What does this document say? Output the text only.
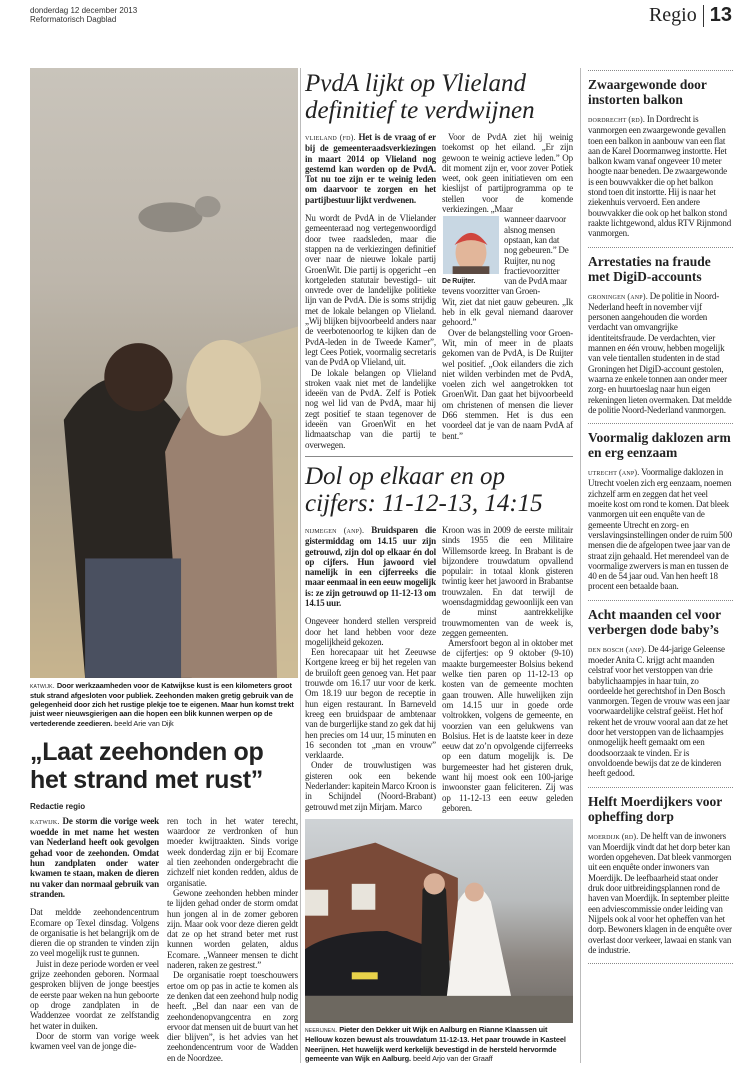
donderdag 12 december 2013
Reformatorisch Dagblad	Regio 13
katwijk. Door werkzaamheden voor de Katwijkse kust is een kilometers groot stuk strand afgesloten voor publiek. Zeehonden maken gretig gebruik van de gelegenheid door zich het rustige plekje toe te eigenen. Maar hun komst trekt juist weer nieuwsgierigen aan die hopen een blik kunnen werpen op de vertederende zeedieren. beeld Arie van Dijk
„Laat zeehonden op het strand met rust”
Redactie regio
katwijk. De storm die vorige week woedde in met name het westen van Nederland heeft ook gevolgen gehad voor de zeehonden. Omdat hun zandplaten onder water kwamen te staan, maken de dieren nu vaker dan normaal gebruik van stranden.

Dat meldde zeehondencentrum Ecomare op Texel dinsdag. Volgens de organisatie is het belangrijk om de dieren die op stranden te vinden zijn zo veel mogelijk rust te gunnen.

Juist in deze periode worden er veel grijze zeehonden geboren. Normaal gesproken blijven de jonge beestjes de eerste paar weken na hun geboorte op droge zandplaten in de Waddenzee voordat ze zelfstandig het water in duiken.

Door de storm van vorige week kwamen veel van de jonge die-

ren toch in het water terecht, waardoor ze verdronken of hun moeder kwijtraakten. Sinds vorige week donderdag zijn er bij Ecomare al tien zeehonden ondergebracht die zichzelf niet konden redden, aldus de organisatie.

Gewone zeehonden hebben minder te lijden gehad onder de storm omdat hun jongen al in de zomer geboren zijn. Maar ook voor deze dieren geldt dat ze op het strand beter met rust kunnen worden gelaten, aldus Ecomare. „Wanneer mensen te dicht naderen, raken ze gestrest.”

De organisatie roept toeschouwers ertoe om op pas in actie te komen als ze denken dat een zeehond hulp nodig heeft. „Bel dan naar een van de zeehondenopvangcentra en zorg ervoor dat mensen uit de buurt van het dier blijven”, is het advies van het zeehondencentrum voor de Wadden en de Noordzee.

PvdA lijkt op Vlieland definitief te verdwijnen
vlieland (fd). Het is de vraag of er bij de gemeenteraadsverkiezingen in maart 2014 op Vlieland nog gestemd kan worden op de PvdA. Tot nu toe zijn er te weinig leden om daarvoor te zorgen en het partijbestuur lijkt verdwenen.

Nu wordt de PvdA in de Vlielander gemeenteraad nog vertegenwoordigd door twee raadsleden, maar die stappen na de verkiezingen definitief over naar de nieuwe lokale partij GroenWit. Die partij is opgericht –en kortgeleden statutair bevestigd– uit onvrede over de landelijke politieke lijn van de PvdA. Die is soms strijdig met de lokale belangen op Vlieland. „Wij blijken bijvoorbeeld anders naar de veerbotenoorlog te kijken dan de PvdA-leden in de Tweede Kamer”, legt Cees Potiek, voormalig secretaris van de PvdA op Vlieland, uit.

De lokale belangen op Vlieland stroken vaak niet met de landelijke ideeën van de PvdA. Zelf is Potiek nog wel lid van de PvdA, maar hij zegt positief te staan tegenover de ideeën van GroenWit en het lidmaatschap van die partij te overwegen.

Voor de PvdA ziet hij weinig toekomst op het eiland. „Er zijn gewoon te weinig actieve leden.” Op dit moment zijn er, voor zover Potiek weet, ook geen initiatieven om een kieslijst of partijprogramma op te stellen voor de komende verkiezingen. „Maar

De Ruijter.

wanneer daarvoor alsnog mensen opstaan, kan dat nog gebeuren.” De Ruijter, nu nog fractievoorzitter van de PvdA maar tevens voorzitter van Groen-

Wit, ziet dat niet gauw gebeuren. „Ik heb in elk geval niemand daarover gehoord.”

Over de belangstelling voor Groen-Wit, min of meer in de plaats gekomen van de PvdA, is De Ruijter wel positief. „Ook eilanders die zich niet wilden verbinden met de PvdA, voelen zich wel aangetrokken tot GroenWit. Dan gaat het bijvoorbeeld om christenen of mensen die liever D66 stemmen. Het is dus een voordeel dat je van de naam PvdA af bent.”

Dol op elkaar en op cijfers: 11-12-13, 14:15
nijmegen (anp). Bruidsparen die gistermiddag om 14.15 uur zijn getrouwd, zijn dol op elkaar én dol op cijfers. Hun jawoord viel namelijk in een cijferreeks die maar eenmaal in een eeuw mogelijk is: ze zijn getrouwd op 11-12-13 om 14.15 uur.

Ongeveer honderd stellen verspreid door het land hebben voor deze mogelijkheid gekozen.

Een horecapaar uit het Zeeuwse Kortgene kreeg er bij het regelen van de bruiloft geen genoeg van. Het paar trouwde om 16.17 uur voor de kerk. Om 18.19 uur begon de receptie in hun eigen restaurant. In Barneveld kreeg een bruidspaar de ambtenaar van de burgerlijke stand zo gek dat hij hen precies om 14 uur, 15 minuten en 16 seconden tot „man en vrouw” verklaarde.

Onder de trouwlustigen was gisteren ook een bekende Nederlander: kapitein Marco Kroon is in Schijndel (Noord-Brabant) getrouwd met zijn Mirjam. Marco

Kroon was in 2009 de eerste militair sinds 1955 die een Militaire Willemsorde kreeg. In Brabant is de bijzondere trouwdatum opvallend populair: in totaal klonk gisteren twintig keer het jawoord in Brabantse trouwzalen. En dat terwijl de woensdagmiddag gewoonlijk een van de minst aantrekkelijke trouwmomenten van de week is, zeggen gemeenten.

Amersfoort begon al in oktober met de cijfertjes: op 9 oktober (9-10) maakte burgemeester Bolsius bekend welke tien paren op 11-12-13 op kosten van de gemeente mochten gaan trouwen. Alle huwelijken zijn om 14.15 uur in goede orde voltrokken, volgens de gemeente, en voorzien van een gelukwens van Bolsius. Het is de laatste keer in deze eeuw dat zo’n opvolgende cijferreeks op een datum mogelijk is. De burgemeester had het gisteren druk, want hij moest ook een 100-jarige inwoonster gaan feliciteren. Zij was op 11-12-13 een eeuw geleden geboren.

neerijnen. Pieter den Dekker uit Wijk en Aalburg en Rianne Klaassen uit Hellouw kozen bewust als trouwdatum 11-12-13. Het paar trouwde in Kasteel Neerijnen. Het huwelijk werd kerkelijk bevestigd in de hersteld hervormde gemeente van Wijk en Aalburg. beeld Arjo van der Graaff
Zwaargewonde door instorten balkon
dordrecht (rd). In Dordrecht is vanmorgen een zwaargewonde gevallen toen een balkon in aanbouw van een flat aan de Karel Doormanweg instortte. Het balkon kwam vanaf ongeveer 10 meter hoogte naar beneden. De zwaargewonde is een bouwvakker die op het balkon stond toen dit instortte. Hij is naar het ziekenhuis vervoerd. Een andere bouwvakker die ook op het balkon stond raakte lichtgewond, aldus RTV Rijnmond vanmorgen.
Arrestaties na fraude met DigiD-accounts
groningen (anp). De politie in Noord-Nederland heeft in november vijf personen aangehouden die worden verdacht van omvangrijke identiteitsfraude. De verdachten, vier mannen en één vrouw, hebben mogelijk van vele tientallen studenten in de stad Groningen het DigiD-account gestolen, waarna ze enkele tonnen aan onder meer zorg- en huurtoeslag naar hun eigen rekeningen lieten overmaken. Dat meldde de politie Noord-Nederland vanmorgen.
Voormalig daklozen arm en erg eenzaam
utrecht (anp). Voormalige daklozen in Utrecht voelen zich erg eenzaam, noemen zichzelf arm en zeggen dat het veel moeite kost om rond te komen. Dat bleek vanmorgen uit een enquête van de gemeente Utrecht en zorg- en verslavingsinstellingen onder de ruim 500 mensen die de afgelopen twee jaar van de straat zijn gehaald. Het merendeel van de voormalige zwervers is man en tussen de 40 en de 54 jaar oud. Van hen heeft 18 procent een betaalde baan.
Acht maanden cel voor verbergen dode baby’s
den bosch (anp). De 44-jarige Geleense moeder Anita C. krijgt acht maanden celstraf voor het verstoppen van drie babylichaampjes in haar tuin, zo oordeelde het gerechtshof in Den Bosch vanmorgen. Tegen de vrouw was een jaar voorwaardelijke celstraf geëist. Het hof rekent het de vrouw vooral aan dat ze het door het verstoppen van de lichaampjes onmogelijk heeft gemaakt om een doodsoorzaak te vinden. Er is onvoldoende bewijs dat ze de kinderen heeft gedood.
Helft Moerdijkers voor opheffing dorp
moerdijk (rd). De helft van de inwoners van Moerdijk vindt dat het dorp beter kan worden opgeheven. Dat bleek vanmorgen uit een enquête onder inwoners van Moerdijk. De leefbaarheid staat onder druk door uitbreidingsplannen rond de haven van Moerdijk. In september pleitte een adviescommissie onder leiding van Nijpels ook al voor het opheffen van het dorp. Bewoners klagen in de enquête over overlast door verkeer, lawaai en stank van de industrie.
